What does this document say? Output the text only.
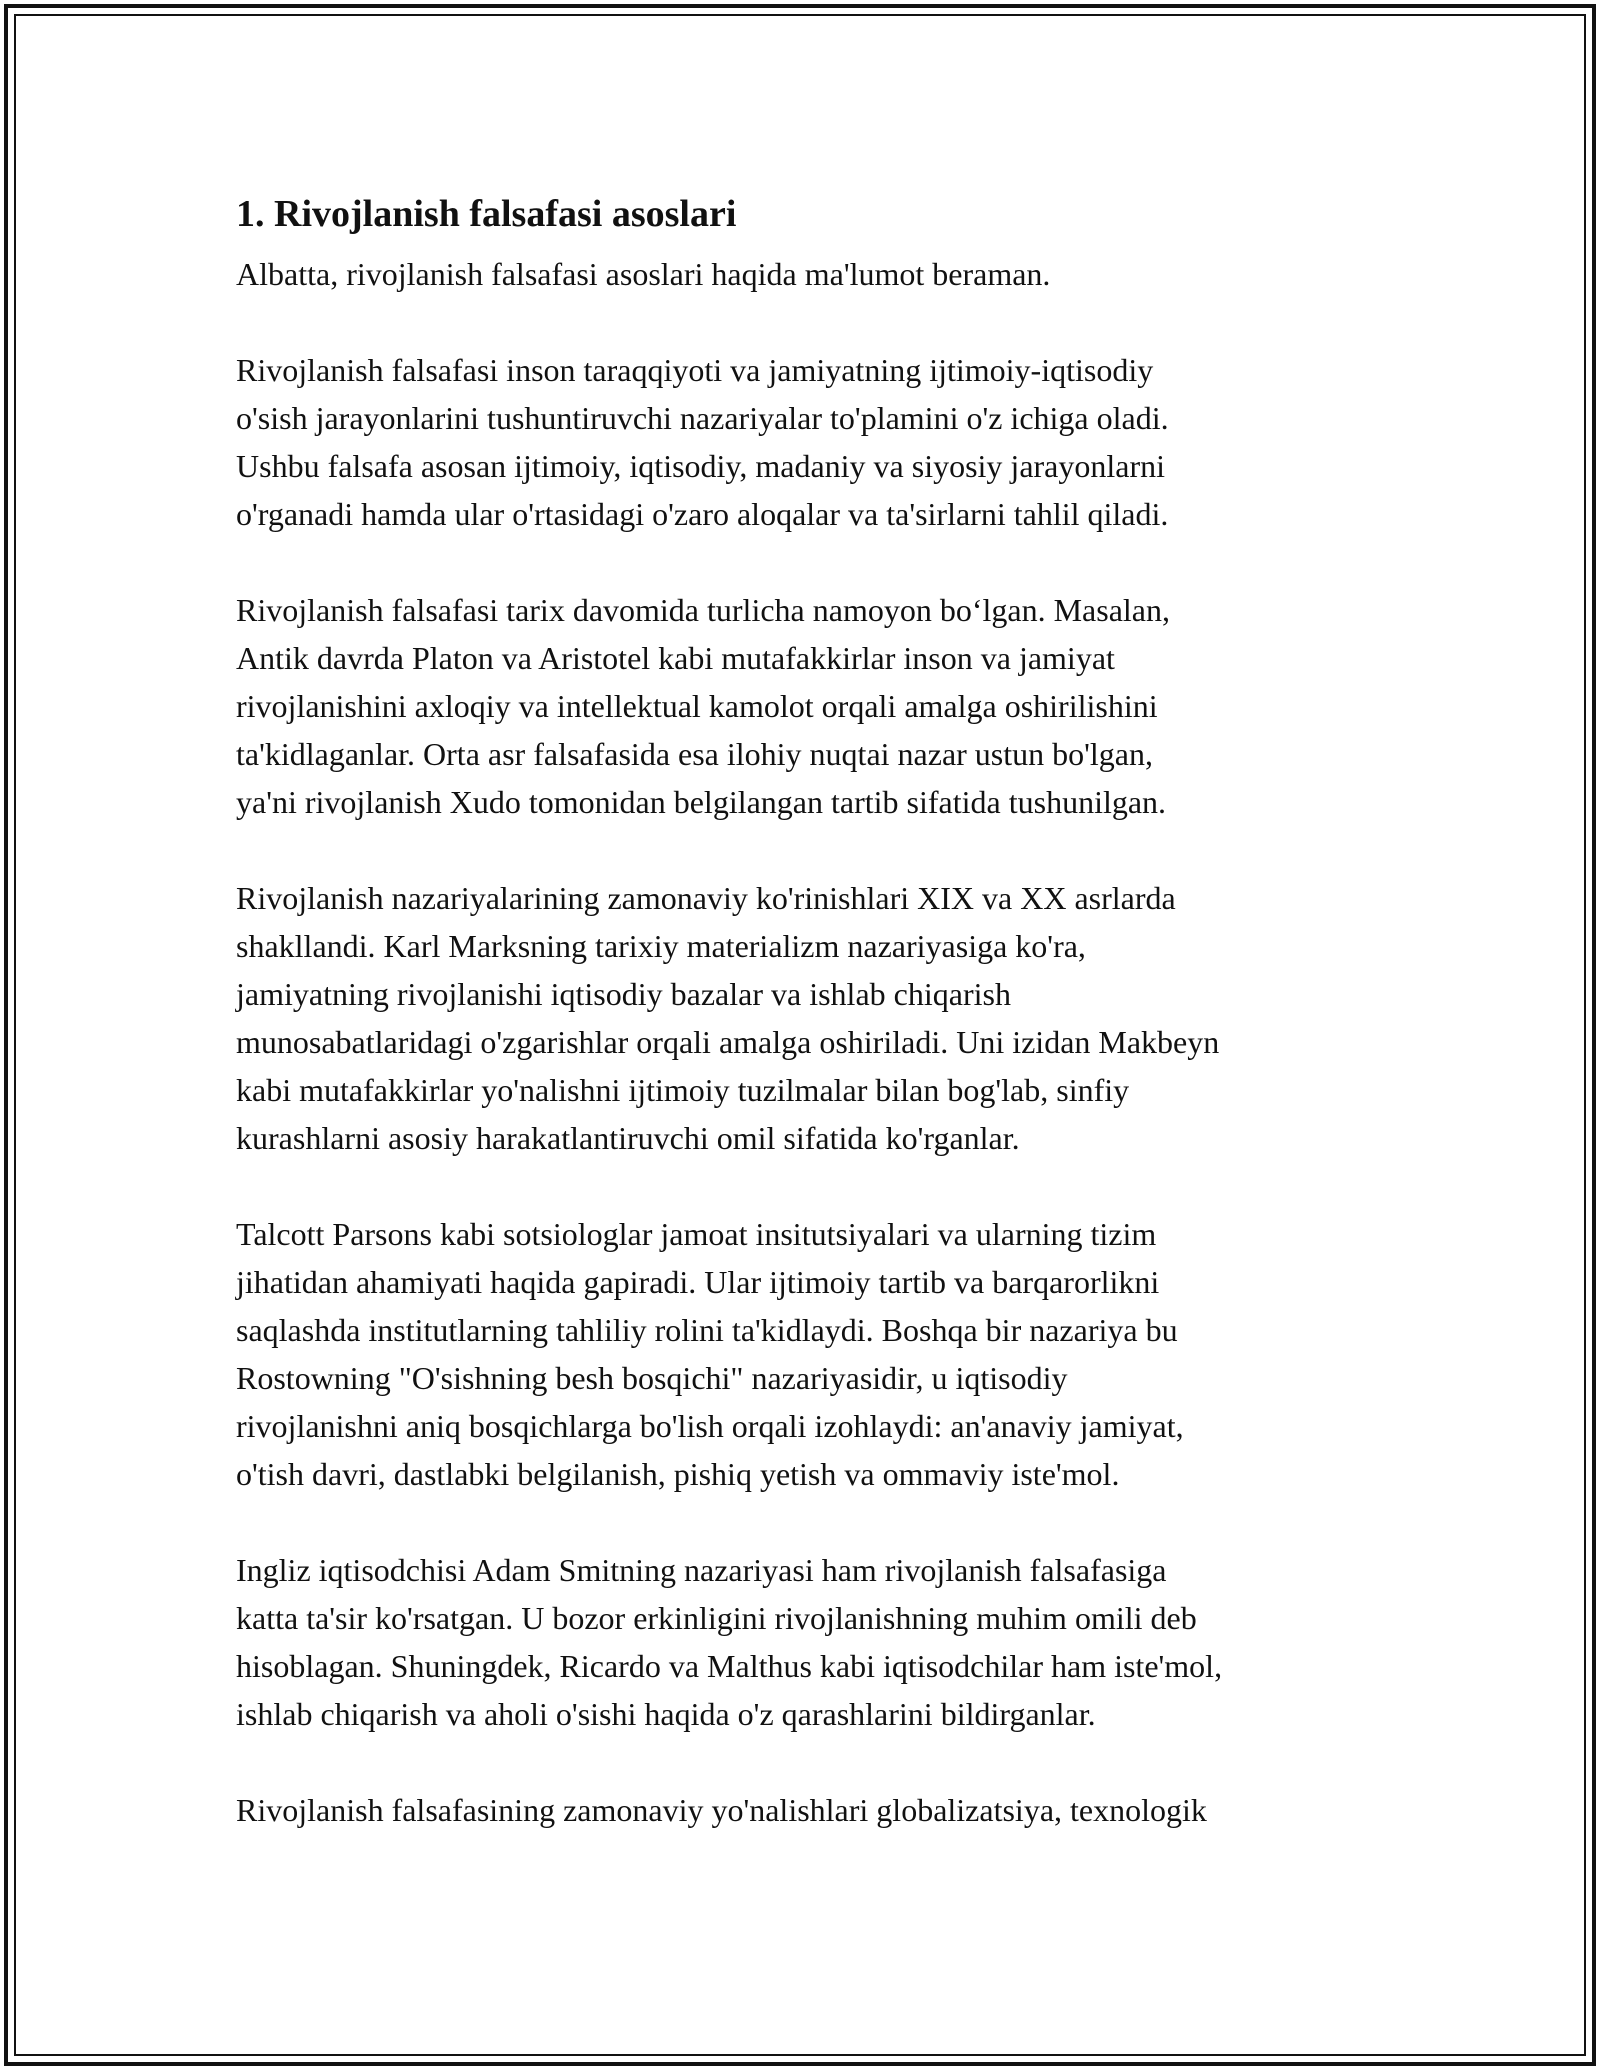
1. Rivojlanish falsafasi asoslari

Albatta, rivojlanish falsafasi asoslari haqida ma'lumot beraman.

Rivojlanish falsafasi inson taraqqiyoti va jamiyatning ijtimoiy-iqtisodiy
o'sish jarayonlarini tushuntiruvchi nazariyalar to'plamini o'z ichiga oladi.
Ushbu falsafa asosan ijtimoiy, iqtisodiy, madaniy va siyosiy jarayonlarni
o'rganadi hamda ular o'rtasidagi o'zaro aloqalar va ta'sirlarni tahlil qiladi.

Rivojlanish falsafasi tarix davomida turlicha namoyon bo‘lgan. Masalan,
Antik davrda Platon va Aristotel kabi mutafakkirlar inson va jamiyat
rivojlanishini axloqiy va intellektual kamolot orqali amalga oshirilishini
ta'kidlaganlar. Orta asr falsafasida esa ilohiy nuqtai nazar ustun bo'lgan,
ya'ni rivojlanish Xudo tomonidan belgilangan tartib sifatida tushunilgan.

Rivojlanish nazariyalarining zamonaviy ko'rinishlari XIX va XX asrlarda
shakllandi. Karl Marksning tarixiy materializm nazariyasiga ko'ra,
jamiyatning rivojlanishi iqtisodiy bazalar va ishlab chiqarish
munosabatlaridagi o'zgarishlar orqali amalga oshiriladi. Uni izidan Makbeyn
kabi mutafakkirlar yo'nalishni ijtimoiy tuzilmalar bilan bog'lab, sinfiy
kurashlarni asosiy harakatlantiruvchi omil sifatida ko'rganlar.

Talcott Parsons kabi sotsiologlar jamoat insitutsiyalari va ularning tizim
jihatidan ahamiyati haqida gapiradi. Ular ijtimoiy tartib va barqarorlikni
saqlashda institutlarning tahliliy rolini ta'kidlaydi. Boshqa bir nazariya bu
Rostowning "O'sishning besh bosqichi" nazariyasidir, u iqtisodiy
rivojlanishni aniq bosqichlarga bo'lish orqali izohlaydi: an'anaviy jamiyat,
o'tish davri, dastlabki belgilanish, pishiq yetish va ommaviy iste'mol.

Ingliz iqtisodchisi Adam Smitning nazariyasi ham rivojlanish falsafasiga
katta ta'sir ko'rsatgan. U bozor erkinligini rivojlanishning muhim omili deb
hisoblagan. Shuningdek, Ricardo va Malthus kabi iqtisodchilar ham iste'mol,
ishlab chiqarish va aholi o'sishi haqida o'z qarashlarini bildirganlar.

Rivojlanish falsafasining zamonaviy yo'nalishlari globalizatsiya, texnologik
